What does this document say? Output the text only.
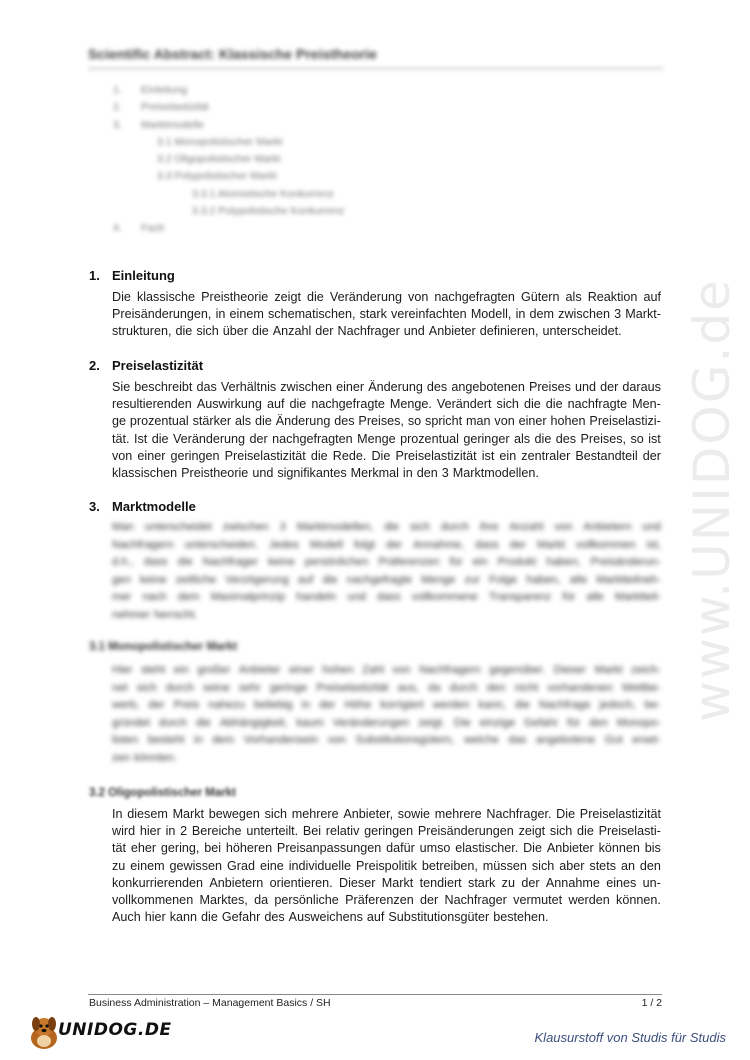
Scientific Abstract: Klassische Preistheorie
1. Einleitung
2. Preiselastizität
3. Marktmodelle
3.1 Monopolistischer Markt
3.2 Oligopolistischer Markt
3.3 Polypolistischer Markt
3.3.1 Atomistische Konkurrenz
3.3.2 Polypolistische Konkurrenz
4. Fazit
1. Einleitung
Die klassische Preistheorie zeigt die Veränderung von nachgefragten Gütern als Reaktion auf
Preisänderungen, in einem schematischen, stark vereinfachten Modell, in dem zwischen 3 Markt-
strukturen, die sich über die Anzahl der Nachfrager und Anbieter definieren, unterscheidet.
2. Preiselastizität
Sie beschreibt das Verhältnis zwischen einer Änderung des angebotenen Preises und der daraus
resultierenden Auswirkung auf die nachgefragte Menge. Verändert sich die die nachfragte Men-
ge prozentual stärker als die Änderung des Preises, so spricht man von einer hohen Preiselastizi-
tät. Ist die Veränderung der nachgefragten Menge prozentual geringer als die des Preises, so ist
von einer geringen Preiselastizität die Rede. Die Preiselastizität ist ein zentraler Bestandteil der
klassischen Preistheorie und signifikantes Merkmal in den 3 Marktmodellen.
3. Marktmodelle
Man unterscheidet zwischen 3 Marktmodellen, die sich durch ihre Anzahl von Anbietern und
Nachfragern unterscheiden. Jedes Modell folgt der Annahme, dass der Markt vollkommen ist,
d.h., dass die Nachfrager keine persönlichen Präferenzen für ein Produkt haben, Preisänderun-
gen keine zeitliche Verzögerung auf die nachgefragte Menge zur Folge haben, alle Marktteilneh-
mer nach dem Maximalprinzip handeln und dass vollkommene Transparenz für alle Marktteil-
nehmer herrscht.
3.1 Monopolistischer Markt
Hier steht ein großer Anbieter einer hohen Zahl von Nachfragern gegenüber. Dieser Markt zeich-
net sich durch seine sehr geringe Preiselastizität aus, da durch den nicht vorhandenen Wettbe-
werb, der Preis nahezu beliebig in der Höhe korrigiert werden kann, die Nachfrage jedoch, be-
gründet durch die Abhängigkeit, kaum Veränderungen zeigt. Die einzige Gefahr für den Monopo-
listen besteht in dem Vorhandensein von Substitutionsgütern, welche das angebotene Gut erset-
zen könnten.
3.2 Oligopolistischer Markt
In diesem Markt bewegen sich mehrere Anbieter, sowie mehrere Nachfrager. Die Preiselastizität
wird hier in 2 Bereiche unterteilt. Bei relativ geringen Preisänderungen zeigt sich die Preiselasti-
tät eher gering, bei höheren Preisanpassungen dafür umso elastischer. Die Anbieter können bis
zu einem gewissen Grad eine individuelle Preispolitik betreiben, müssen sich aber stets an den
konkurrierenden Anbietern orientieren. Dieser Markt tendiert stark zu der Annahme eines un-
vollkommenen Marktes, da persönliche Präferenzen der Nachfrager vermutet werden können.
Auch hier kann die Gefahr des Ausweichens auf Substitutionsgüter bestehen.
www.UNIDOG.de
Business Administration – Management Basics / SH	1 / 2
UNIDOG.DE	Klausurstoff von Studis für Studis
